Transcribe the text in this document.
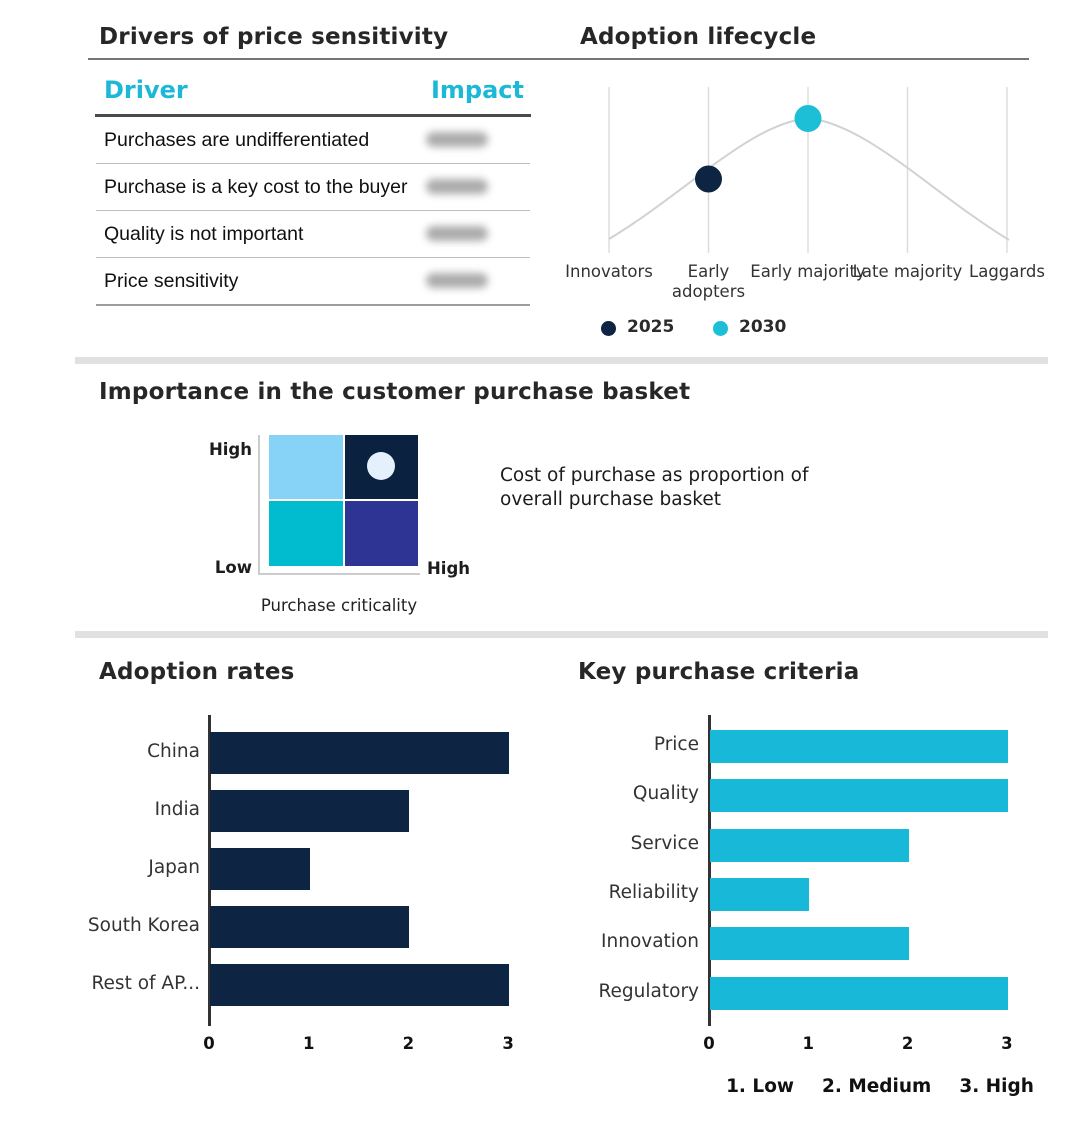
Drivers of price sensitivity
Driver	Impact
Purchases are undifferentiated
Purchase is a key cost to the buyer
Quality is not important
Price sensitivity
Adoption lifecycle
Innovators	Early adopters
Early majority
Late majority Laggards
2025	2030
Importance in the customer purchase basket
High
Low	High
Purchase criticality
Cost of purchase as proportion of
overall purchase basket
Adoption rates
China
India
Japan
South Korea
Rest of AP...
0	1	2	3
Key purchase criteria
Price
Quality
Service
Reliability
Innovation
Regulatory
0	1	2	3
1. Low 2. Medium 3. High
